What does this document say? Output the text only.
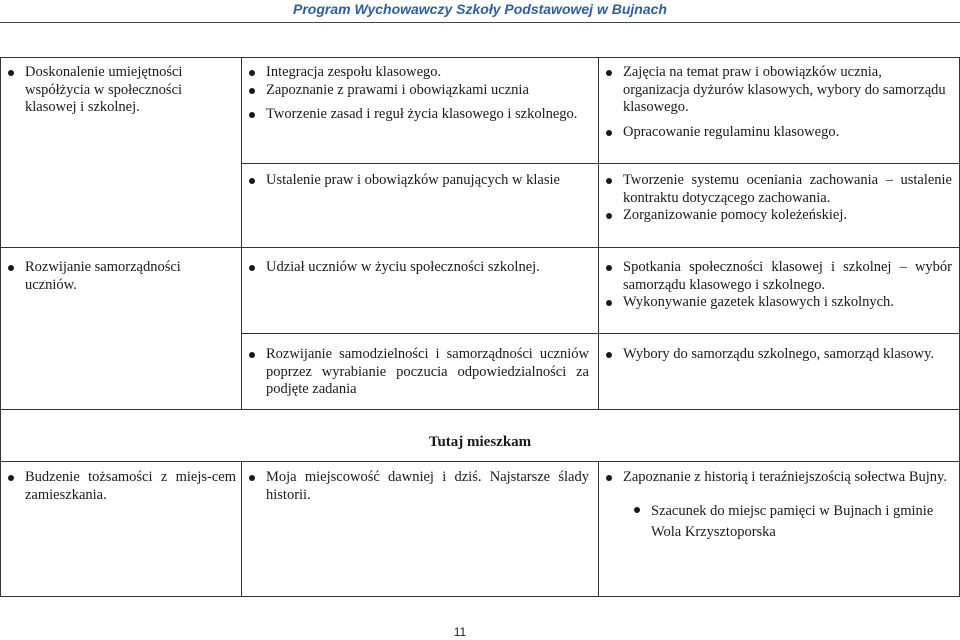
Program Wychowawczy Szkoły Podstawowej w Bujnach
Doskonalenie umiejętności współżycia w społeczności klasowej i szkolnej.
Integracja zespołu klasowego.
Zapoznanie z prawami i obowiązkami ucznia
Tworzenie zasad i reguł życia klasowego i szkolnego.
Zajęcia na temat praw i obowiązków ucznia, organizacja dyżurów klasowych, wybory do samorządu klasowego.
Opracowanie regulaminu klasowego.
Ustalenie praw i obowiązków panujących w klasie	Tworzenie systemu oceniania zachowania – ustalenie kontraktu dotyczącego zachowania.
Zorganizowanie pomocy koleżeńskiej.
Rozwijanie samorządności uczniów.
Udział uczniów w życiu społeczności szkolnej.	Spotkania społeczności klasowej i szkolnej – wybór samorządu klasowego i szkolnego.
Wykonywanie gazetek klasowych i szkolnych.
Rozwijanie samodzielności i samorządności uczniów poprzez wyrabianie poczucia odpowiedzialności za podjęte zadania
Wybory do samorządu szkolnego, samorząd klasowy.
Tutaj mieszkam
Budzenie tożsamości z miejs-cem zamieszkania.
Moja miejscowość dawniej i dziś. Najstarsze ślady historii.
Zapoznanie z historią i teraźniejszością sołectwa Bujny.
Szacunek do miejsc pamięci w Bujnach i gminie Wola Krzysztoporska
11
